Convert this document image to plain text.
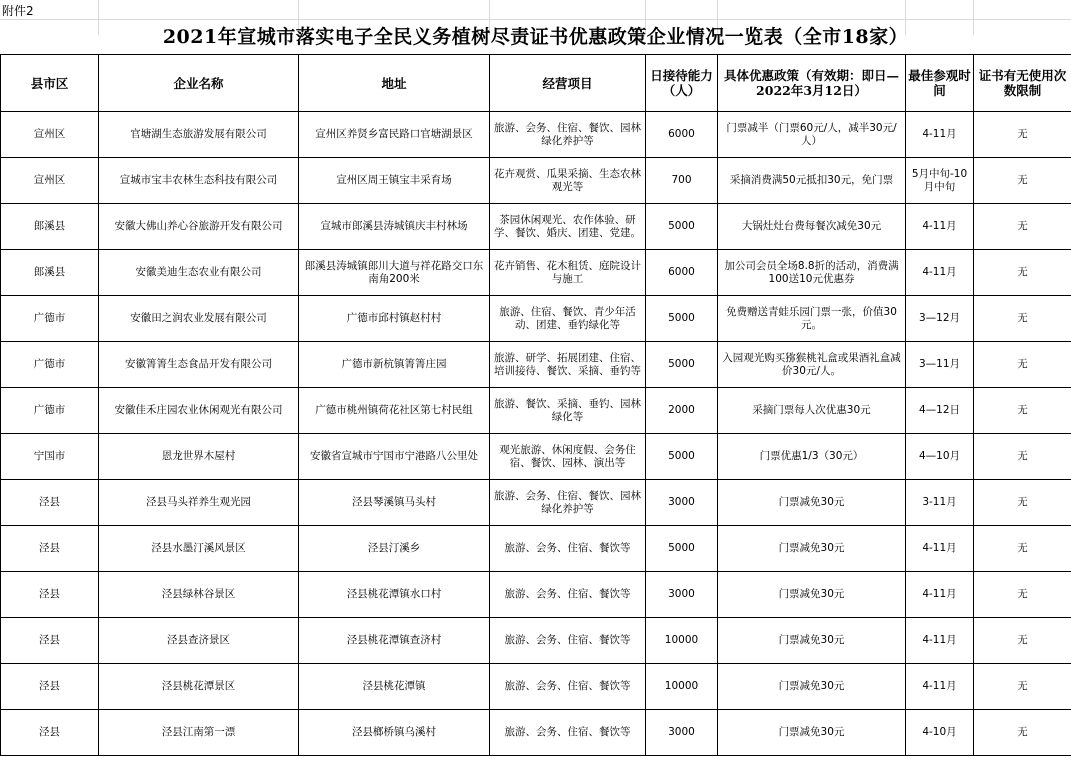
附件2
2021年宣城市落实电子全民义务植树尽责证书优惠政策企业情况一览表（全市18家）
县市区	企业名称	地址	经营项目	日接待能力（人）	具体优惠政策（有效期：即日—2022年3月12日）	最佳参观时间	证书有无使用次数限制
宣州区	官塘湖生态旅游发展有限公司	宣州区养贤乡富民路口官塘湖景区	旅游、会务、住宿、餐饮、园林绿化养护等	6000	门票减半（门票60元/人，减半30元/人）	4-11月	无
宣州区	宣城市宝丰农林生态科技有限公司	宣州区周王镇宝丰采育场	花卉观赏、瓜果采摘、生态农林观光等	700	采摘消费满50元抵扣30元，免门票	5月中旬-10月中旬	无
郎溪县	安徽大佛山养心谷旅游开发有限公司	宣城市郎溪县涛城镇庆丰村林场	茶园休闲观光、农作体验、研学、餐饮、婚庆、团建、党建。	5000	大锅灶灶台费每餐次减免30元	4-11月	无
郎溪县	安徽美迪生态农业有限公司	郎溪县涛城镇郎川大道与祥花路交口东南角200米	花卉销售、花木租赁、庭院设计与施工	6000	加公司会员全场8.8折的活动，消费满100送10元优惠券	4-11月	无
广德市	安徽田之润农业发展有限公司	广德市邱村镇赵村村	旅游、住宿、餐饮、青少年活动、团建、垂钓绿化等	5000	免费赠送青蛙乐园门票一张，价值30元。	3—12月	无
广德市	安徽箐箐生态食品开发有限公司	广德市新杭镇箐箐庄园	旅游、研学、拓展团建、住宿、培训接待、餐饮、采摘、垂钓等	5000	入园观光购买猕猴桃礼盒或果酒礼盒减价30元/人。	3—11月	无
广德市	安徽佳禾庄园农业休闲观光有限公司	广德市桃州镇荷花社区第七村民组	旅游、餐饮、采摘、垂钓、园林绿化等	2000	采摘门票每人次优惠30元	4—12日	无
宁国市	恩龙世界木屋村	安徽省宣城市宁国市宁港路八公里处	观光旅游、休闲度假、会务住宿、餐饮、园林、演出等	5000	门票优惠1/3（30元）	4—10月	无
泾县	泾县马头祥养生观光园	泾县琴溪镇马头村	旅游、会务、住宿、餐饮、园林绿化养护等	3000	门票减免30元	3-11月	无
泾县	泾县水墨汀溪风景区	泾县汀溪乡	旅游、会务、住宿、餐饮等	5000	门票减免30元	4-11月	无
泾县	泾县绿林谷景区	泾县桃花潭镇水口村	旅游、会务、住宿、餐饮等	3000	门票减免30元	4-11月	无
泾县	泾县查济景区	泾县桃花潭镇查济村	旅游、会务、住宿、餐饮等	10000	门票减免30元	4-11月	无
泾县	泾县桃花潭景区	泾县桃花潭镇	旅游、会务、住宿、餐饮等	10000	门票减免30元	4-11月	无
泾县	泾县江南第一漂	泾县榔桥镇乌溪村	旅游、会务、住宿、餐饮等	3000	门票减免30元	4-10月	无
